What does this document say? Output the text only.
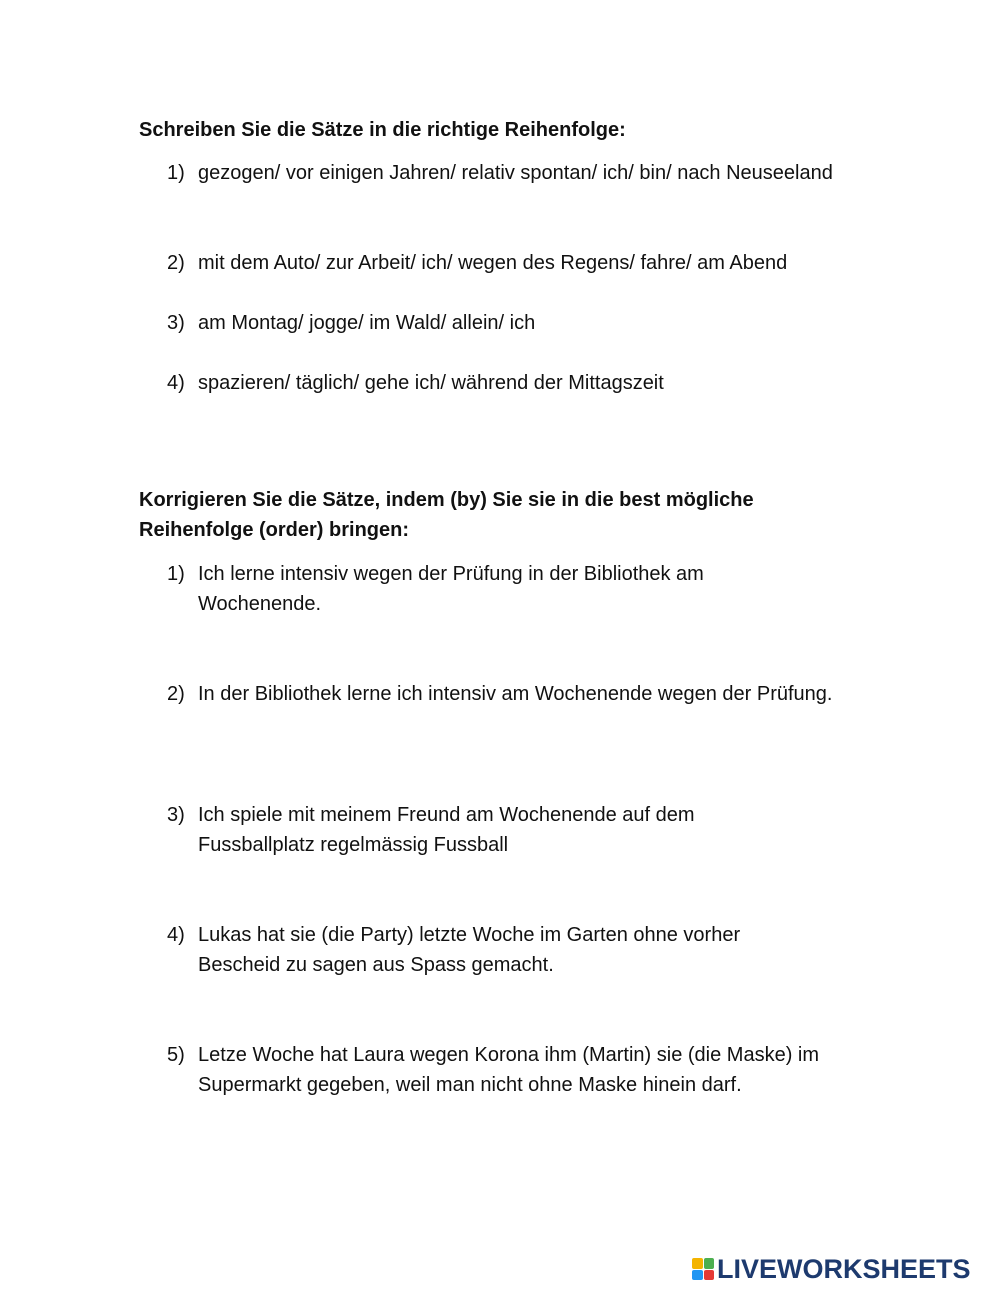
Schreiben Sie die Sätze in die richtige Reihenfolge:

1) gezogen/ vor einigen Jahren/ relativ spontan/ ich/ bin/ nach Neuseeland
2) mit dem Auto/ zur Arbeit/ ich/ wegen des Regens/ fahre/ am Abend
3) am Montag/ jogge/ im Wald/ allein/ ich
4) spazieren/ täglich/ gehe ich/ während der Mittagszeit

Korrigieren Sie die Sätze, indem (by) Sie sie in die best mögliche Reihenfolge (order) bringen:

1) Ich lerne intensiv wegen der Prüfung in der Bibliothek am Wochenende.
2) In der Bibliothek lerne ich intensiv am Wochenende wegen der Prüfung.
3) Ich spiele mit meinem Freund am Wochenende auf dem Fussballplatz regelmässig Fussball
4) Lukas hat sie (die Party) letzte Woche im Garten ohne vorher Bescheid zu sagen aus Spass gemacht.
5) Letze Woche hat Laura wegen Korona ihm (Martin) sie (die Maske) im Supermarkt gegeben, weil man nicht ohne Maske hinein darf.
LIVEWORKSHEETS
